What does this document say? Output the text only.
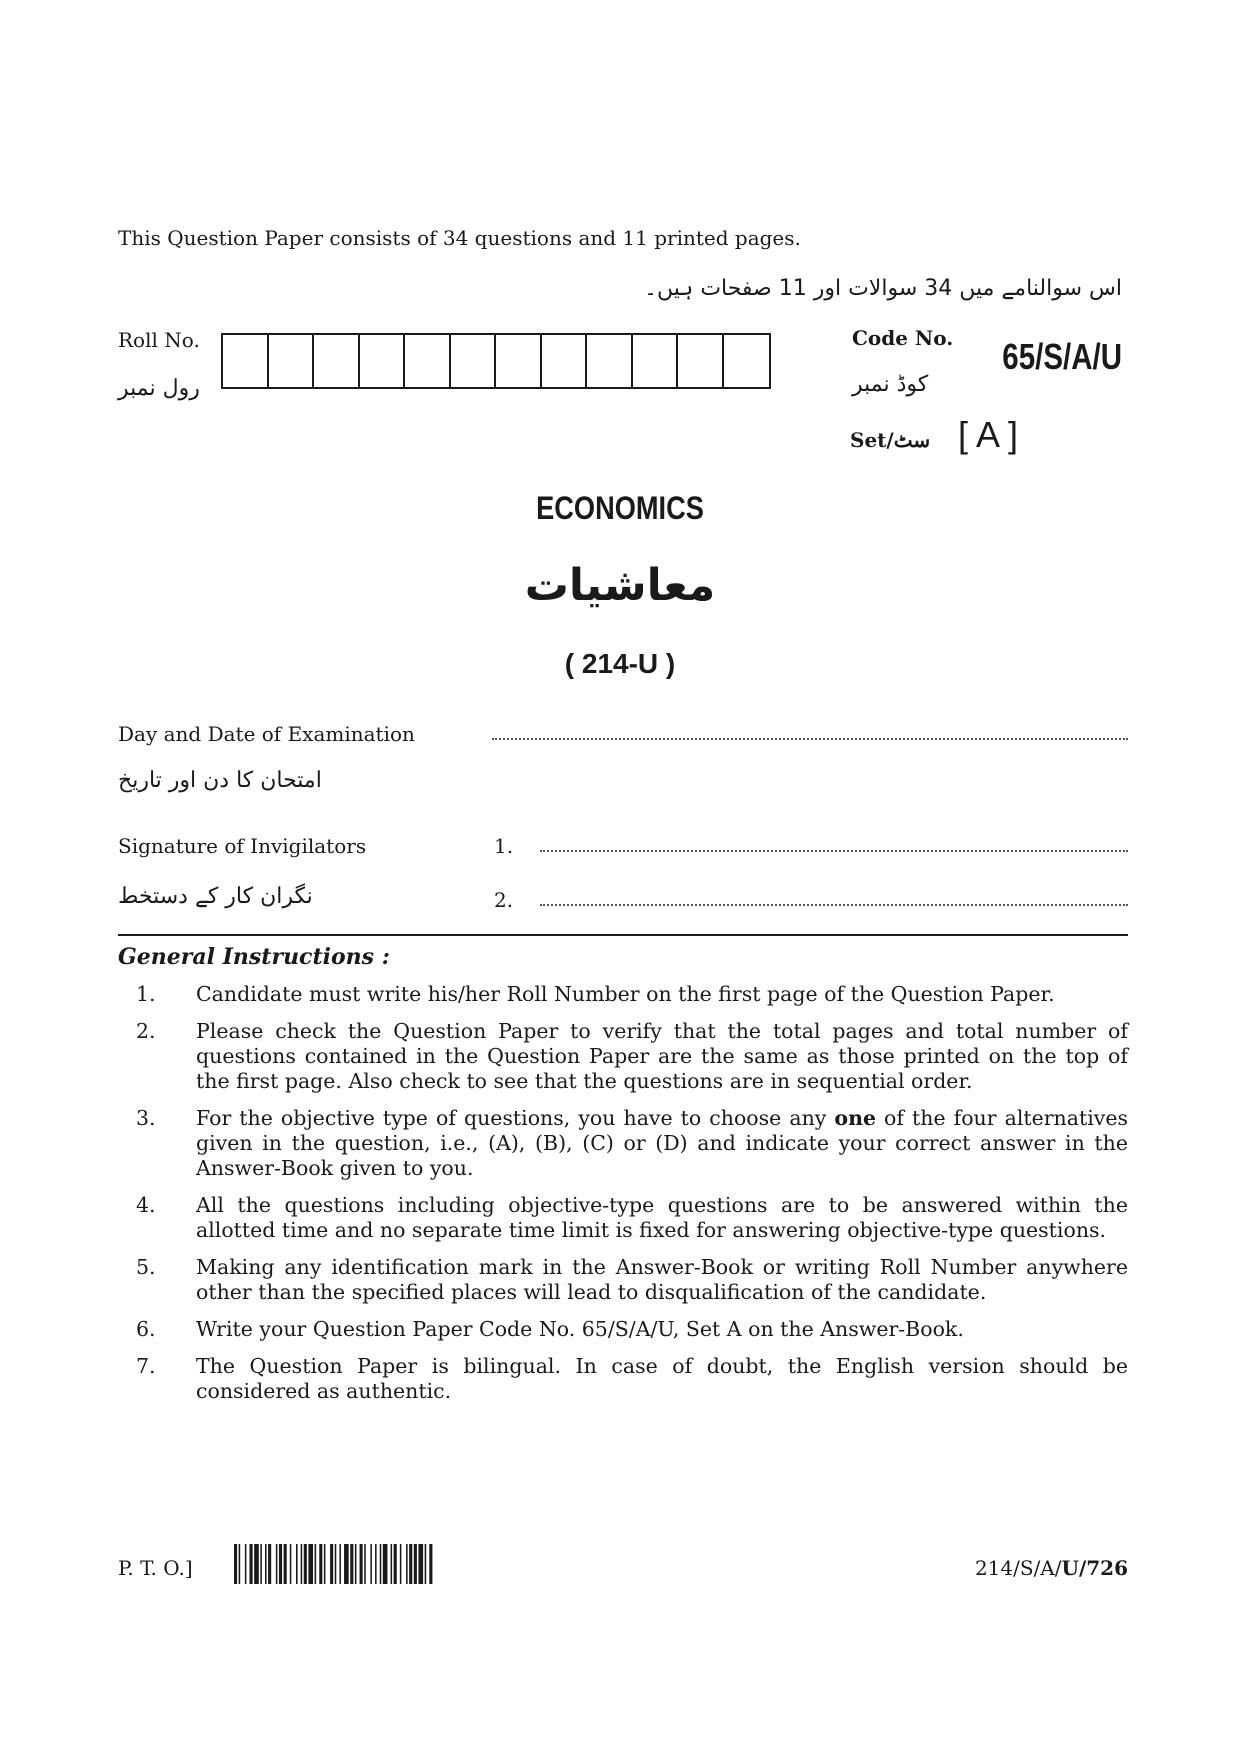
This Question Paper consists of 34 questions and 11 printed pages.
اس سوالنامے میں 34 سوالات اور 11 صفحات ہیں۔
Roll No.
رول نمبر
Code No.
کوڈ نمبر
65/S/A/U
Set/سٹ [ A ]
ECONOMICS
معاشیات
( 214-U )
Day and Date of Examination
امتحان کا دن اور تاریخ
Signature of Invigilators	1.
نگران کار کے دستخط	2.
General Instructions :
1.	Candidate must write his/her Roll Number on the first page of the Question Paper.
2.	Please check the Question Paper to verify that the total pages and total number of questions contained in the Question Paper are the same as those printed on the top of the first page. Also check to see that the questions are in sequential order.
3.	For the objective type of questions, you have to choose any one of the four alternatives given in the question, i.e., (A), (B), (C) or (D) and indicate your correct answer in the Answer-Book given to you.
4.	All the questions including objective-type questions are to be answered within the allotted time and no separate time limit is fixed for answering objective-type questions.
5.	Making any identification mark in the Answer-Book or writing Roll Number anywhere other than the specified places will lead to disqualification of the candidate.
6.	Write your Question Paper Code No. 65/S/A/U, Set A on the Answer-Book.
7.	The Question Paper is bilingual. In case of doubt, the English version should be considered as authentic.
P. T. O.]	214/S/A/U/726
